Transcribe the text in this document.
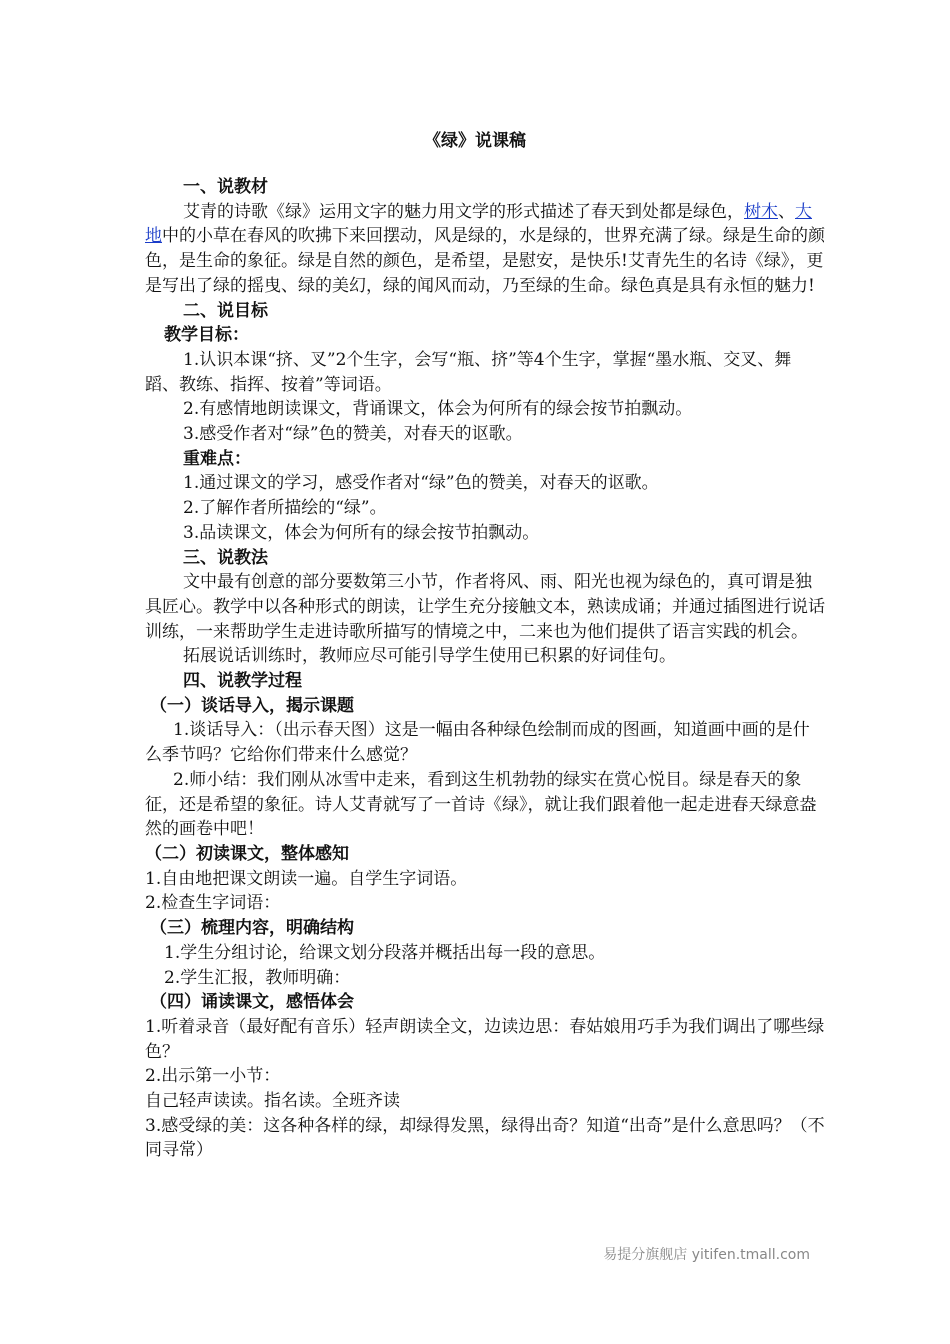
《绿》说课稿

一、说教材

艾青的诗歌《绿》运用文字的魅力用文学的形式描述了春天到处都是绿色，树木、大地中的小草在春风的吹拂下来回摆动，风是绿的，水是绿的，世界充满了绿。绿是生命的颜色，是生命的象征。绿是自然的颜色，是希望，是慰安，是快乐!艾青先生的名诗《绿》，更是写出了绿的摇曳、绿的美幻，绿的闻风而动，乃至绿的生命。绿色真是具有永恒的魅力!

二、说目标

教学目标：

1.认识本课“挤、叉”2个生字，会写“瓶、挤”等4个生字，掌握“墨水瓶、交叉、舞蹈、教练、指挥、按着”等词语。

2.有感情地朗读课文，背诵课文，体会为何所有的绿会按节拍飘动。

3.感受作者对“绿”色的赞美，对春天的讴歌。

重难点：

1.通过课文的学习，感受作者对“绿”色的赞美，对春天的讴歌。

2.了解作者所描绘的“绿”。

3.品读课文，体会为何所有的绿会按节拍飘动。

三、说教法

文中最有创意的部分要数第三小节，作者将风、雨、阳光也视为绿色的，真可谓是独具匠心。教学中以各种形式的朗读，让学生充分接触文本，熟读成诵；并通过插图进行说话训练，一来帮助学生走进诗歌所描写的情境之中，二来也为他们提供了语言实践的机会。

拓展说话训练时，教师应尽可能引导学生使用已积累的好词佳句。

四、说教学过程

（一）谈话导入，揭示课题

1.谈话导入：（出示春天图）这是一幅由各种绿色绘制而成的图画，知道画中画的是什么季节吗？它给你们带来什么感觉？

2.师小结：我们刚从冰雪中走来，看到这生机勃勃的绿实在赏心悦目。绿是春天的象征，还是希望的象征。诗人艾青就写了一首诗《绿》，就让我们跟着他一起走进春天绿意盎然的画卷中吧！

（二）初读课文，整体感知

1.自由地把课文朗读一遍。自学生字词语。

2.检查生字词语：

（三）梳理内容，明确结构

1.学生分组讨论，给课文划分段落并概括出每一段的意思。

2.学生汇报，教师明确：

（四）诵读课文，感悟体会

1.听着录音（最好配有音乐）轻声朗读全文，边读边思：春姑娘用巧手为我们调出了哪些绿色？

2.出示第一小节：

自己轻声读读。指名读。全班齐读

3.感受绿的美：这各种各样的绿，却绿得发黑，绿得出奇？知道“出奇”是什么意思吗？（不同寻常）

易提分旗舰店 yitifen.tmall.com
